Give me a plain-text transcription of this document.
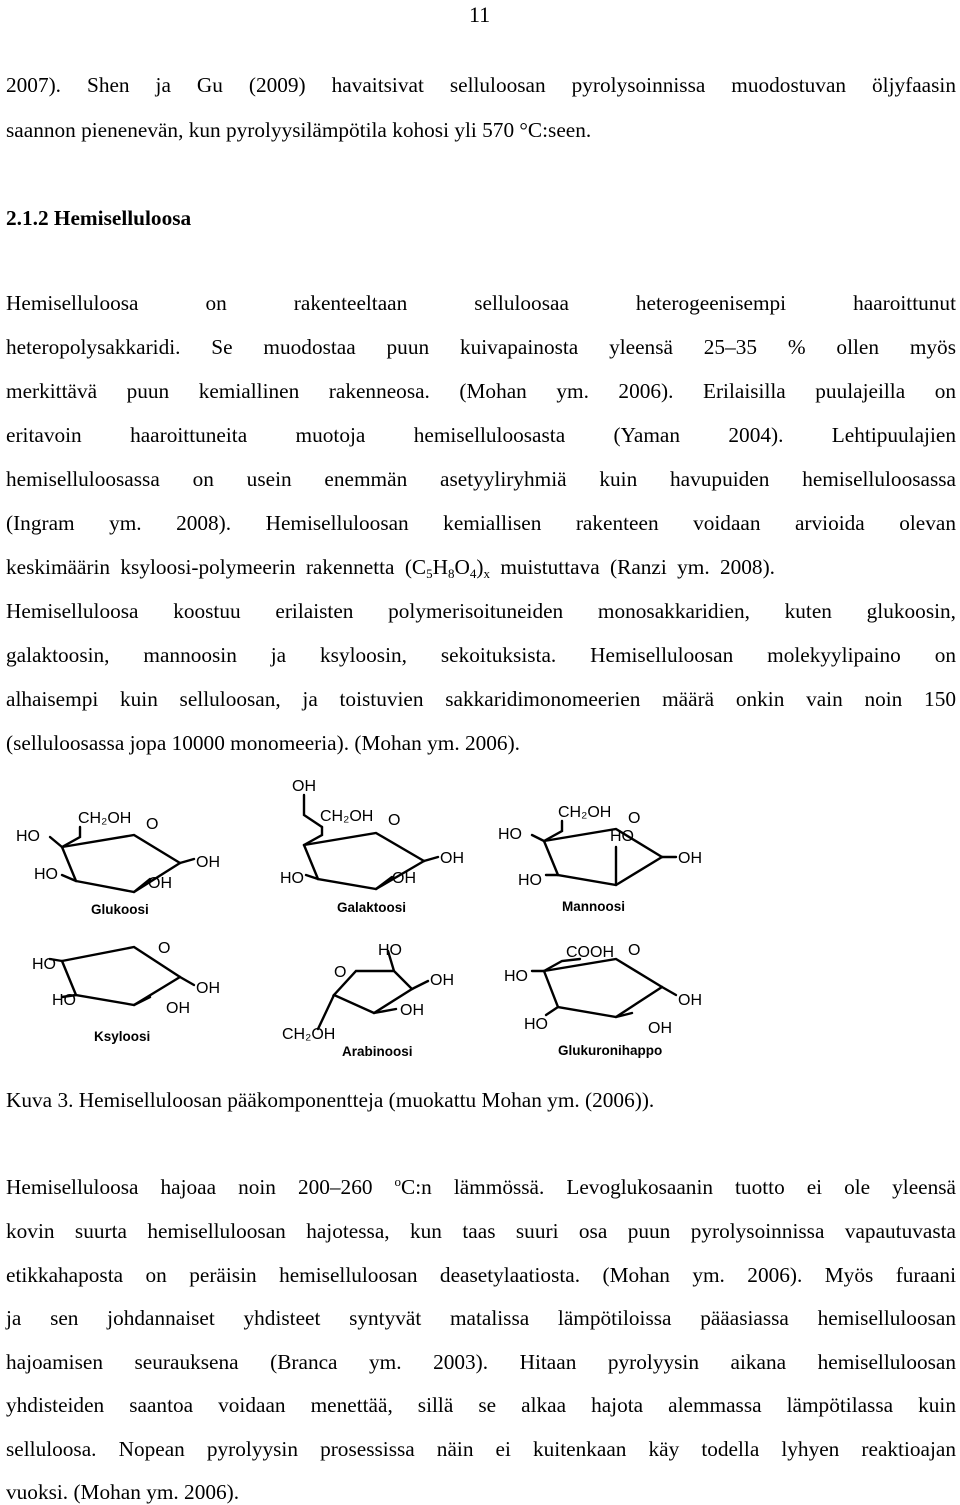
11
2007). Shen ja Gu (2009) havaitsivat selluloosan pyrolysoinnissa muodostuvan öljyfaasin
saannon pienenevän, kun pyrolyysilämpötila kohosi yli 570 °C:seen.
2.1.2 Hemiselluloosa
Hemiselluloosa on rakenteeltaan selluloosaa heterogeenisempi haaroittunut
heteropolysakkaridi. Se muodostaa puun kuivapainosta yleensä 25‒35 % ollen myös
merkittävä puun kemiallinen rakenneosa. (Mohan ym. 2006). Erilaisilla puulajeilla on
eritavoin haaroittuneita muotoja hemiselluloosasta (Yaman 2004). Lehtipuulajien
hemiselluloosassa on usein enemmän asetyyliryhmiä kuin havupuiden hemiselluloosassa
(Ingram ym. 2008). Hemiselluloosan kemiallisen rakenteen voidaan arvioida olevan
keskimäärin ksyloosi-polymeerin rakennetta $(C_5H_8O_4)_x$ muistuttava (Ranzi ym. 2008).
Hemiselluloosa koostuu erilaisten polymerisoituneiden monosakkaridien, kuten glukoosin,
galaktoosin, mannoosin ja ksyloosin, sekoituksista. Hemiselluloosan molekyylipaino on
alhaisempi kuin selluloosan, ja toistuvien sakkaridimonomeerien määrä onkin vain noin 150
(selluloosassa jopa 10000 monomeeria). (Mohan ym. 2006).
CH₂OH O
HO
OH
HO
OH
Glukoosi
OH
CH₂OH O
OH
HO	OH
Galaktoosi
CH₂OH O
HO	HO
OH
HO
Mannoosi
O
HO
OH
HO	OH
Ksyloosi
HO
O	OH
OH
CH₂OH
Arabinoosi
COOH O
HO
OH
HO	OH
Glukuronihappo
Kuva 3. Hemiselluloosan pääkomponentteja (muokattu Mohan ym. (2006)).
Hemiselluloosa hajoaa noin 200‒260 $^o$C:n lämmössä. Levoglukosaanin tuotto ei ole yleensä
kovin suurta hemiselluloosan hajotessa, kun taas suuri osa puun pyrolysoinnissa vapautuvasta
etikkahaposta on peräisin hemiselluloosan deasetylaatiosta. (Mohan ym. 2006). Myös furaani
ja sen johdannaiset yhdisteet syntyvät matalissa lämpötiloissa pääasiassa hemiselluloosan
hajoamisen seurauksena (Branca ym. 2003). Hitaan pyrolyysin aikana hemiselluloosan
yhdisteiden saantoa voidaan menettää, sillä se alkaa hajota alemmassa lämpötilassa kuin
selluloosa. Nopean pyrolyysin prosessissa näin ei kuitenkaan käy todella lyhyen reaktioajan
vuoksi. (Mohan ym. 2006).
